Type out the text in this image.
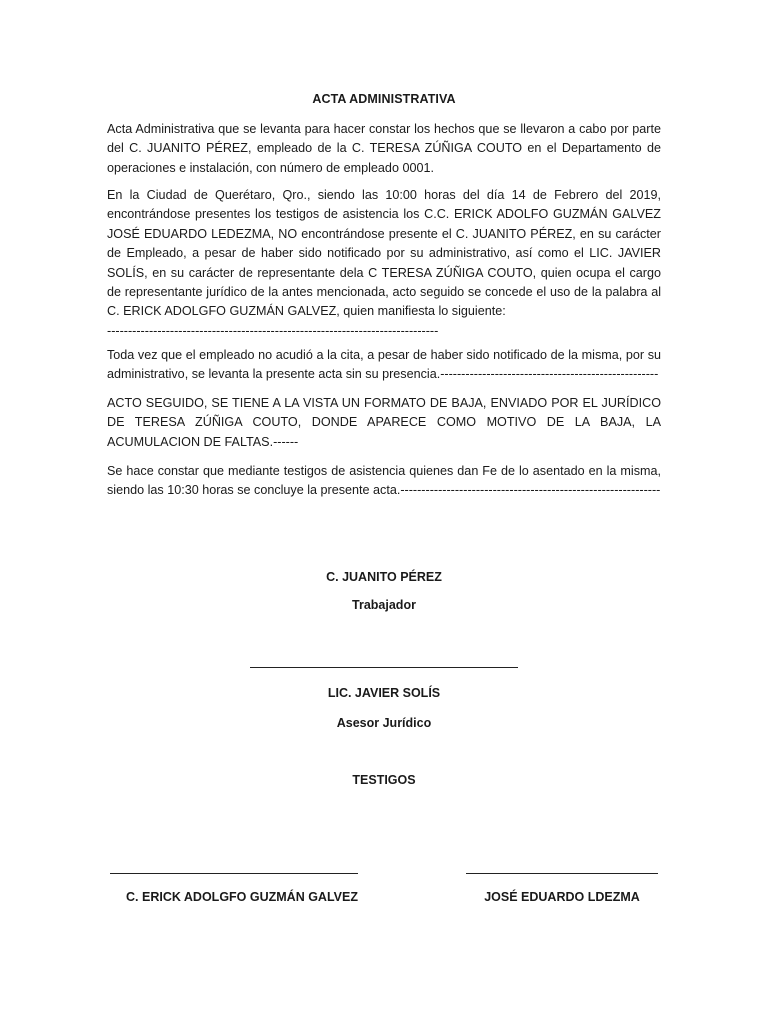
ACTA ADMINISTRATIVA
Acta Administrativa que se levanta para hacer constar los hechos que se llevaron a cabo por parte del C. JUANITO PÉREZ, empleado de la C. TERESA ZÚÑIGA COUTO en el Departamento de operaciones e instalación, con número de empleado 0001.
En la Ciudad de Querétaro, Qro., siendo las 10:00 horas del día 14 de Febrero del 2019, encontrándose presentes los testigos de asistencia los C.C. ERICK ADOLFO GUZMÁN GALVEZ JOSÉ EDUARDO LEDEZMA, NO encontrándose presente el C. JUANITO PÉREZ, en su carácter de Empleado, a pesar de haber sido notificado por su administrativo, así como el LIC. JAVIER SOLÍS, en su carácter de representante dela C TERESA ZÚÑIGA COUTO, quien ocupa el cargo de representante jurídico de la antes mencionada, acto seguido se concede el uso de la palabra al C. ERICK ADOLGFO GUZMÁN GALVEZ, quien manifiesta lo siguiente:
-------------------------------------------------------------------------------
Toda vez que el empleado no acudió a la cita, a pesar de haber sido notificado de la misma, por su administrativo, se levanta la presente acta sin su presencia.----------------------------------------------------
ACTO SEGUIDO, SE TIENE A LA VISTA UN FORMATO DE BAJA, ENVIADO POR EL JURÍDICO DE TERESA ZÚÑIGA COUTO, DONDE APARECE COMO MOTIVO DE LA BAJA, LA ACUMULACION DE FALTAS.------
Se hace constar que mediante testigos de asistencia quienes dan Fe de lo asentado en la misma, siendo las 10:30 horas se concluye la presente acta.--------------------------------------------------------------
C. JUANITO PÉREZ
Trabajador
LIC. JAVIER SOLÍS
Asesor Jurídico
TESTIGOS
C. ERICK ADOLGFO GUZMÁN GALVEZ	JOSÉ EDUARDO LDEZMA
